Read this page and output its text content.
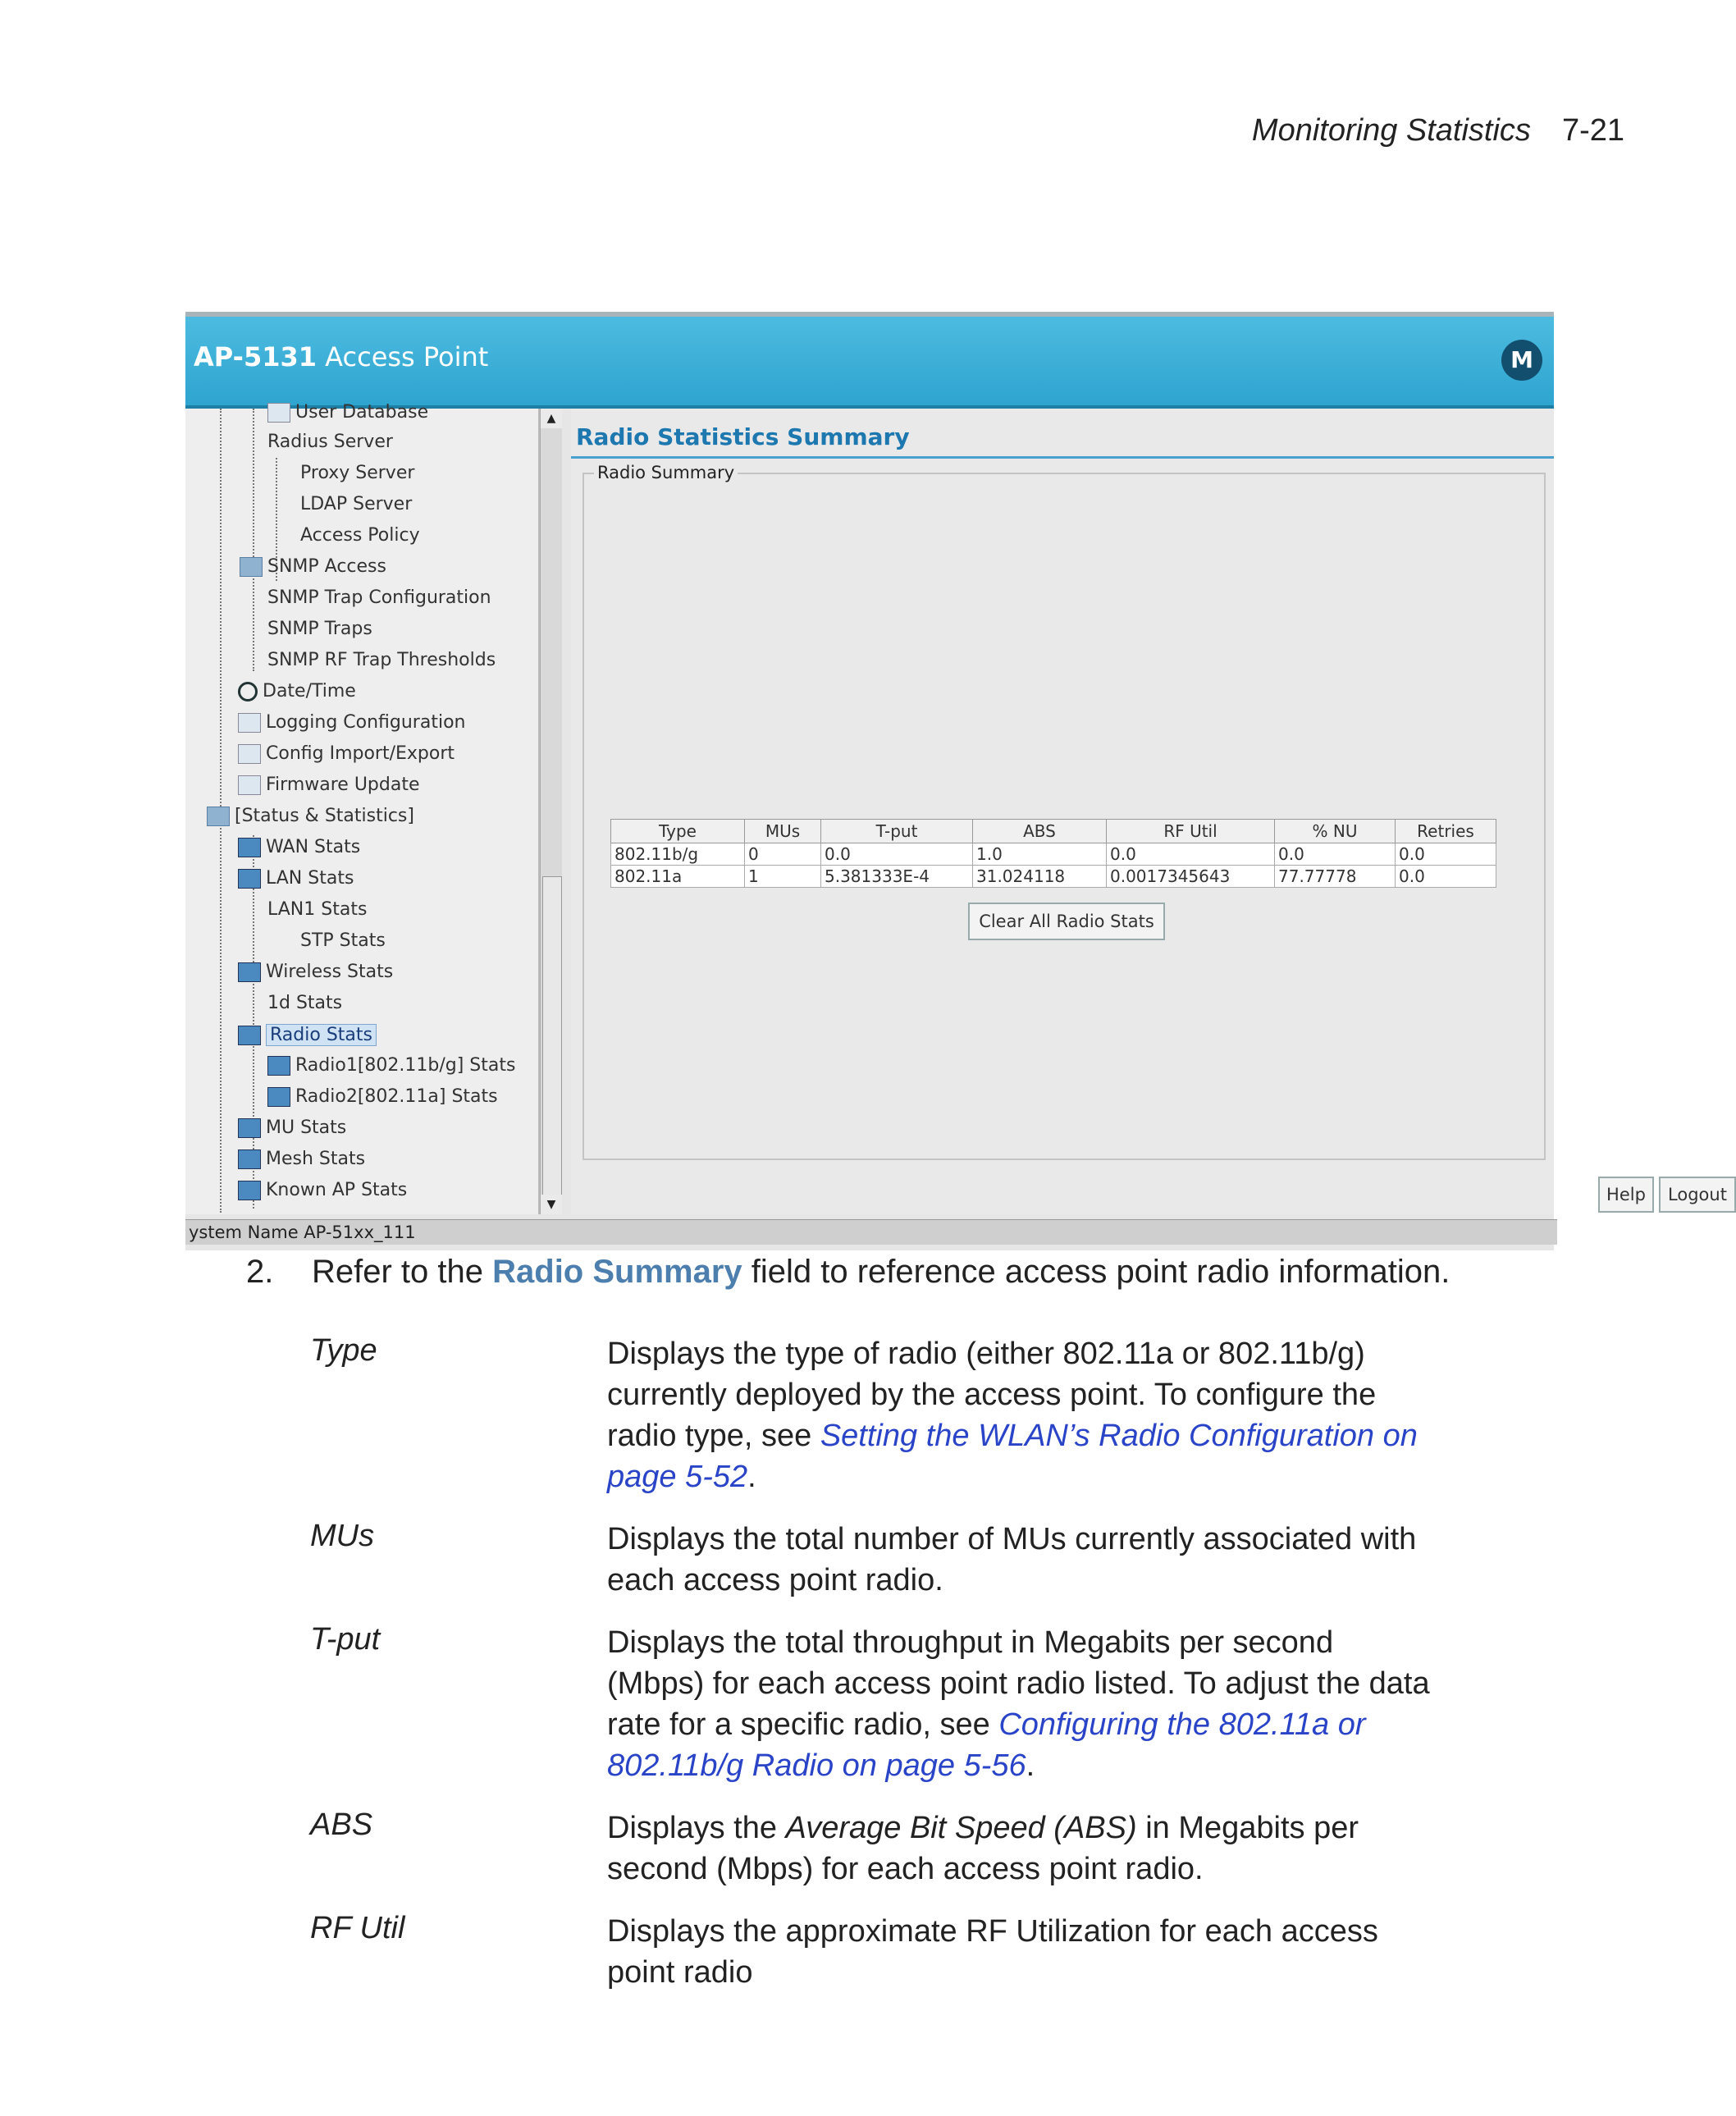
Monitoring Statistics 7-21
AP-5131 Access Point	M
User Database
Radius Server
Proxy Server
LDAP Server
Access Policy
SNMP Access
SNMP Trap Configuration
SNMP Traps
SNMP RF Trap Thresholds
Date/Time
Logging Configuration
Config Import/Export
Firmware Update
[Status & Statistics]
WAN Stats
LAN Stats
LAN1 Stats
STP Stats
Wireless Stats
1d Stats
Radio Stats
Radio1[802.11b/g] Stats
Radio2[802.11a] Stats
MU Stats
Mesh Stats
Known AP Stats
▲
▼
Radio Statistics Summary
Radio Summary
Type	MUs	T-put	ABS	RF Util	% NU	Retries
802.11b/g	0	0.0	1.0	0.0	0.0	0.0
802.11a	1	5.381333E-4	31.024118	0.0017345643	77.77778	0.0
Clear All Radio Stats
Help	Logout
ystem Name AP-51xx_111
2. Refer to the Radio Summary field to reference access point radio information.
Type	Displays the type of radio (either 802.11a or 802.11b/g) currently deployed by the access point. To configure the radio type, see Setting the WLAN’s Radio Configuration on page 5-52.
MUs	Displays the total number of MUs currently associated with each access point radio.
T-put	Displays the total throughput in Megabits per second (Mbps) for each access point radio listed. To adjust the data rate for a specific radio, see Configuring the 802.11a or 802.11b/g Radio on page 5-56.
ABS	Displays the Average Bit Speed (ABS) in Megabits per second (Mbps) for each access point radio.
RF Util	Displays the approximate RF Utilization for each access point radio
